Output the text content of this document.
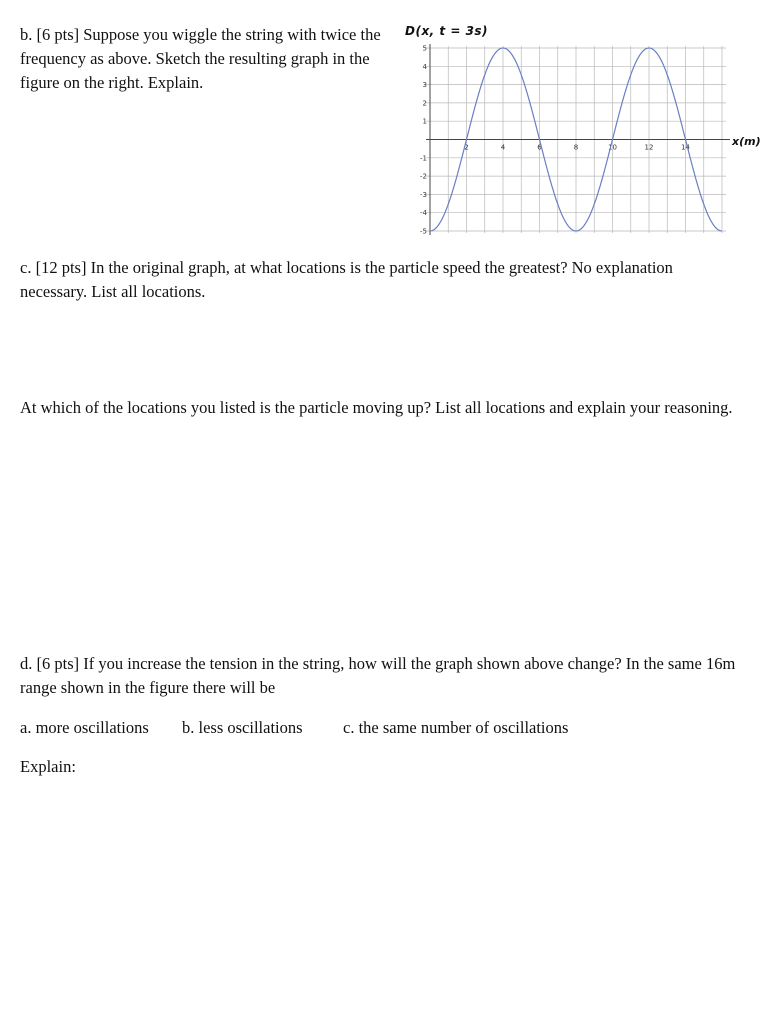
b. [6 pts] Suppose you wiggle the string with twice the frequency as above. Sketch the resulting graph in the figure on the right. Explain.

D(x, t = 3s)
x(m)
5
4
3
2
1
-1
-2
-3
-4
-5
2	4	6	8	10	12	14

c. [12 pts] In the original graph, at what locations is the particle speed the greatest? No explanation necessary. List all locations.

At which of the locations you listed is the particle moving up? List all locations and explain your reasoning.

d. [6 pts] If you increase the tension in the string, how will the graph shown above change? In the same 16m range shown in the figure there will be

a. more oscillations b. less oscillations c. the same number of oscillations

Explain:
